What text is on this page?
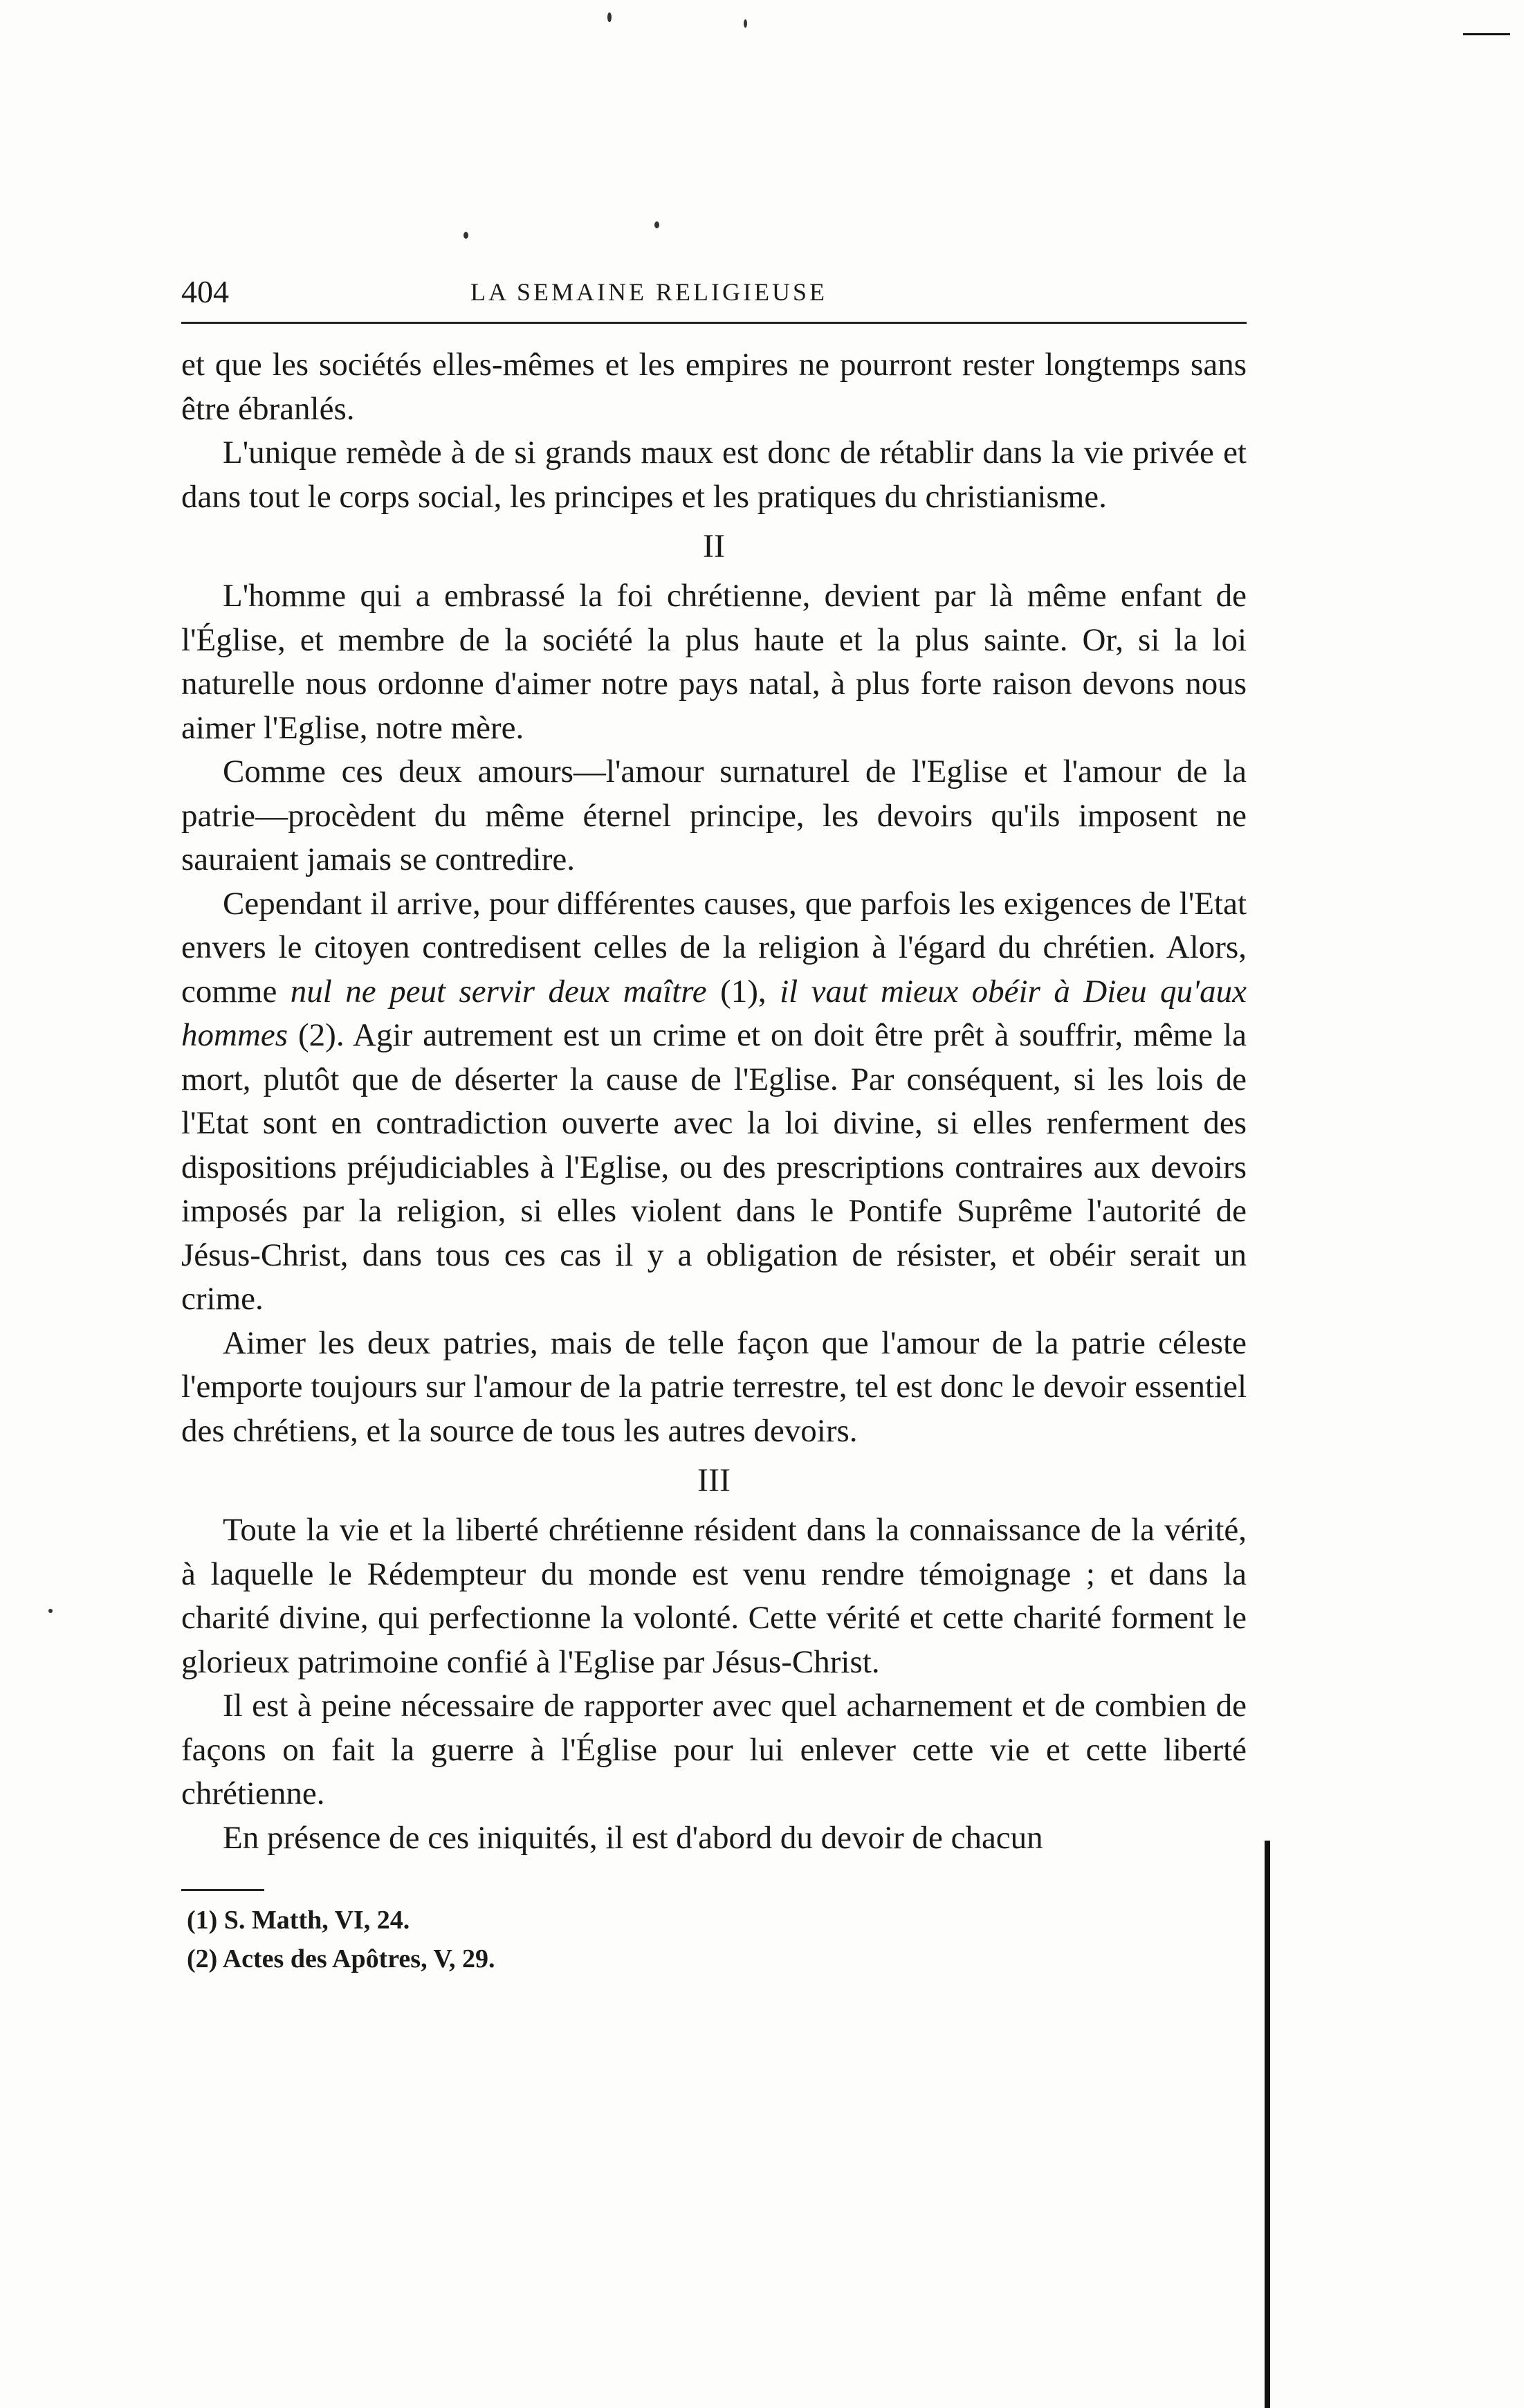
404	LA SEMAINE RELIGIEUSE

et que les sociétés elles-mêmes et les empires ne pourront rester longtemps sans être ébranlés.

L'unique remède à de si grands maux est donc de rétablir dans la vie privée et dans tout le corps social, les principes et les pratiques du christianisme.

II

L'homme qui a embrassé la foi chrétienne, devient par là même enfant de l'Église, et membre de la société la plus haute et la plus sainte. Or, si la loi naturelle nous ordonne d'aimer notre pays natal, à plus forte raison devons nous aimer l'Eglise, notre mère.

Comme ces deux amours—l'amour surnaturel de l'Eglise et l'amour de la patrie—procèdent du même éternel principe, les devoirs qu'ils imposent ne sauraient jamais se contredire.

Cependant il arrive, pour différentes causes, que parfois les exigences de l'Etat envers le citoyen contredisent celles de la religion à l'égard du chrétien. Alors, comme nul ne peut servir deux maître (1), il vaut mieux obéir à Dieu qu'aux hommes (2). Agir autrement est un crime et on doit être prêt à souffrir, même la mort, plutôt que de déserter la cause de l'Eglise. Par conséquent, si les lois de l'Etat sont en contradiction ouverte avec la loi divine, si elles renferment des dispositions préjudiciables à l'Eglise, ou des prescriptions contraires aux devoirs imposés par la religion, si elles violent dans le Pontife Suprême l'autorité de Jésus-Christ, dans tous ces cas il y a obligation de résister, et obéir serait un crime.

Aimer les deux patries, mais de telle façon que l'amour de la patrie céleste l'emporte toujours sur l'amour de la patrie terrestre, tel est donc le devoir essentiel des chrétiens, et la source de tous les autres devoirs.

III

Toute la vie et la liberté chrétienne résident dans la connaissance de la vérité, à laquelle le Rédempteur du monde est venu rendre témoignage ; et dans la charité divine, qui perfectionne la volonté. Cette vérité et cette charité forment le glorieux patrimoine confié à l'Eglise par Jésus-Christ.

Il est à peine nécessaire de rapporter avec quel acharnement et de combien de façons on fait la guerre à l'Église pour lui enlever cette vie et cette liberté chrétienne.

En présence de ces iniquités, il est d'abord du devoir de chacun

(1) S. Matth, VI, 24.

(2) Actes des Apôtres, V, 29.
